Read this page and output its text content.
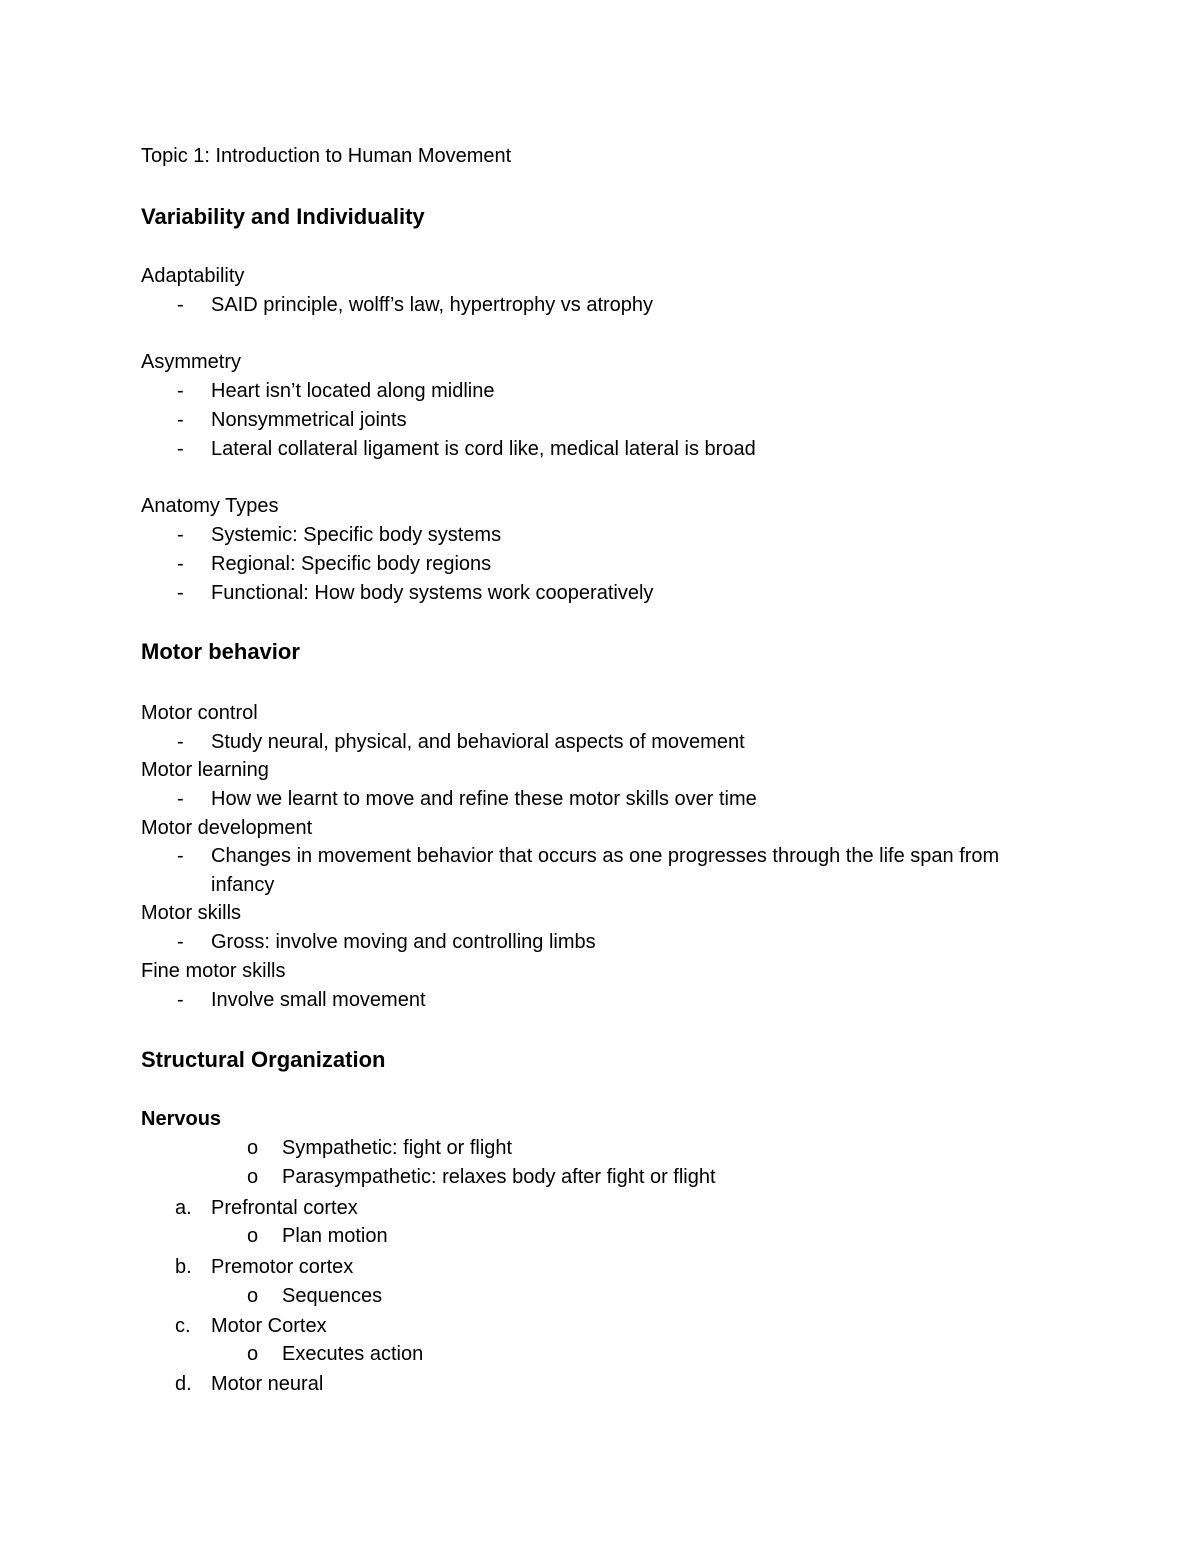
Topic 1: Introduction to Human Movement
Variability and Individuality
Adaptability
- SAID principle, wolff’s law, hypertrophy vs atrophy
Asymmetry
- Heart isn’t located along midline
- Nonsymmetrical joints
- Lateral collateral ligament is cord like, medical lateral is broad
Anatomy Types
- Systemic: Specific body systems
- Regional: Specific body regions
- Functional: How body systems work cooperatively
Motor behavior
Motor control
- Study neural, physical, and behavioral aspects of movement
Motor learning
- How we learnt to move and refine these motor skills over time
Motor development
- Changes in movement behavior that occurs as one progresses through the life span from
infancy
Motor skills
- Gross: involve moving and controlling limbs
Fine motor skills
- Involve small movement
Structural Organization
Nervous
o Sympathetic: fight or flight
o Parasympathetic: relaxes body after fight or flight
a. Prefrontal cortex
o Plan motion
b. Premotor cortex
o Sequences
c. Motor Cortex
o Executes action
d. Motor neural
